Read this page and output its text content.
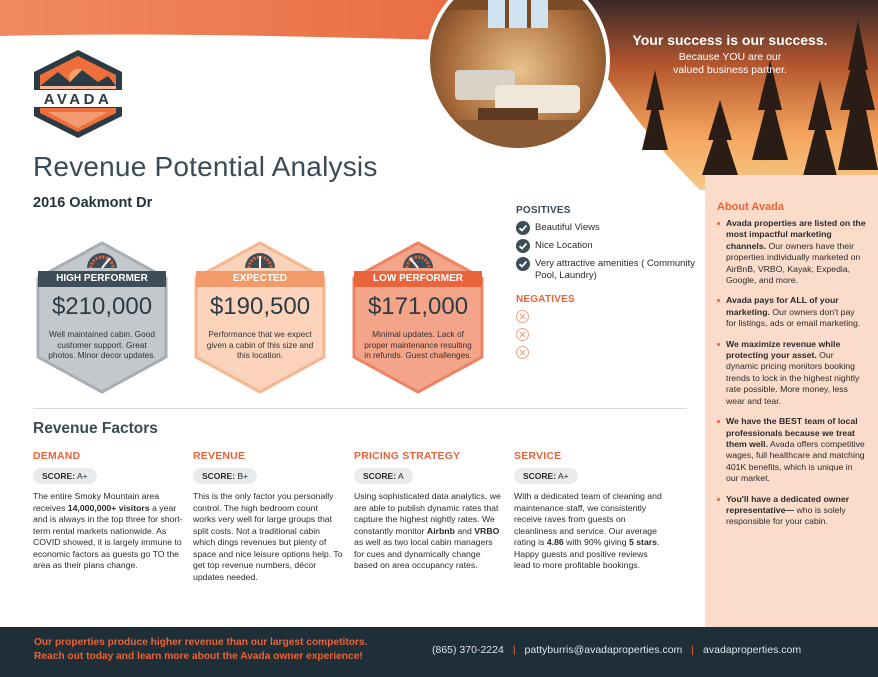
Your success is our success.
Because YOU are our valued business partner.
AVADA
Revenue Potential Analysis
2016 Oakmont Dr
HIGH PERFORMER
$210,000
Well maintained cabin. Good customer support. Great photos. Minor decor updates.
EXPECTED
$190,500
Performance that we expect given a cabin of this size and this location.
LOW PERFORMER
$171,000
Minimal updates. Lack of proper maintenance resulting in refunds. Guest challenges.
POSITIVES
Beautiful Views
Nice Location
Very attractive amenities ( Community Pool, Laundry)
NEGATIVES
Revenue Factors
DEMAND
SCORE: A+

The entire Smoky Mountain area receives 14,000,000+ visitors a year and is always in the top three for short-term rental markets nationwide. As COVID showed, it is largely immune to economic factors as guests go TO the area as their plans change.

REVENUE
SCORE: B+

This is the only factor you personally control. The high bedroom count works very well for large groups that split costs. Not a traditional cabin which dings revenues but plenty of space and nice leisure options help. To get top revenue numbers, décor updates needed.

PRICING STRATEGY
SCORE: A

Using sophisticated data analytics, we are able to publish dynamic rates that capture the highest nightly rates. We constantly monitor Airbnb and VRBO as well as two local cabin managers for cues and dynamically change based on area occupancy rates.

SERVICE
SCORE: A+

With a dedicated team of cleaning and maintenance staff, we consistently receive raves from guests on cleanliness and service. Our average rating is 4.86 with 90% giving 5 stars. Happy guests and positive reviews lead to more profitable bookings.

About Avada
Avada properties are listed on the most impactful marketing channels. Our owners have their properties individually marketed on AirBnB, VRBO, Kayak, Expedia, Google, and more.
Avada pays for ALL of your marketing. Our owners don't pay for listings, ads or email marketing.
We maximize revenue while protecting your asset. Our dynamic pricing monitors booking trends to lock in the highest nightly rate possible. More money, less wear and tear.
We have the BEST team of local professionals because we treat them well. Avada offers competitive wages, full healthcare and matching 401K benefits, which is unique in our market.
You'll have a dedicated owner representative— who is solely responsible for your cabin.
Our properties produce higher revenue than our largest competitors.
Reach out today and learn more about the Avada owner experience!
(865) 370-2224 | pattyburris@avadaproperties.com | avadaproperties.com
